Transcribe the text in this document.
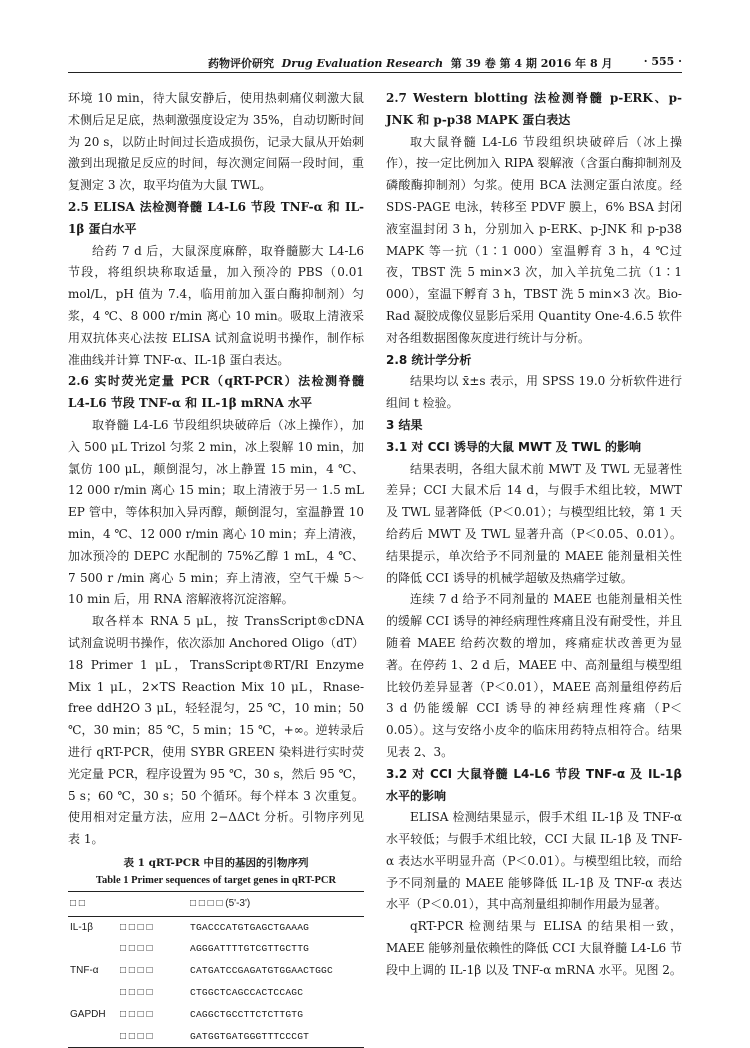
药物评价研究 Drug Evaluation Research 第 39 卷 第 4 期 2016 年 8 月	· 555 ·

环境 10 min，待大鼠安静后，使用热刺痛仪刺激大鼠术侧后足足底，热刺激强度设定为 35%，自动切断时间为 20 s，以防止时间过长造成损伤，记录大鼠从开始刺激到出现撤足反应的时间，每次测定间隔一段时间，重复测定 3 次，取平均值为大鼠 TWL。

2.5 ELISA 法检测脊髓 L4-L6 节段 TNF-α 和 IL-1β 蛋白水平

给药 7 d 后，大鼠深度麻醉，取脊髓膨大 L4-L6 节段，将组织块称取适量，加入预冷的 PBS（0.01 mol/L，pH 值为 7.4，临用前加入蛋白酶抑制剂）匀浆，4 ℃、8 000 r/min 离心 10 min。吸取上清液采用双抗体夹心法按 ELISA 试剂盒说明书操作，制作标准曲线并计算 TNF-α、IL-1β 蛋白表达。

2.6 实时荧光定量 PCR（qRT-PCR）法检测脊髓 L4-L6 节段 TNF-α 和 IL-1β mRNA 水平

取脊髓 L4-L6 节段组织块破碎后（冰上操作），加入 500 μL Trizol 匀浆 2 min，冰上裂解 10 min，加氯仿 100 μL，颠倒混匀，冰上静置 15 min，4 ℃、12 000 r/min 离心 15 min；取上清液于另一 1.5 mL EP 管中，等体积加入异丙醇，颠倒混匀，室温静置 10 min，4 ℃、12 000 r/min 离心 10 min；弃上清液，加冰预冷的 DEPC 水配制的 75%乙醇 1 mL，4 ℃、7 500 r /min 离心 5 min；弃上清液，空气干燥 5～10 min 后，用 RNA 溶解液将沉淀溶解。

取各样本 RNA 5 μL，按 TransScript®cDNA 试剂盒说明书操作，依次添加 Anchored Oligo（dT）18 Primer 1 μL，TransScript®RT/RI Enzyme Mix 1 μL，2×TS Reaction Mix 10 μL，Rnase-free ddH2O 3 μL，轻轻混匀，25 ℃，10 min；50 ℃，30 min；85 ℃，5 min；15 ℃，+∞。逆转录后进行 qRT-PCR，使用 SYBR GREEN 染料进行实时荧光定量 PCR，程序设置为 95 ℃，30 s，然后 95 ℃，5 s；60 ℃，30 s；50 个循环。每个样本 3 次重复。使用相对定量方法，应用 2−ΔΔCt 分析。引物序列见表 1。

表 1 qRT-PCR 中目的基因的引物序列
Table 1 Primer sequences of target genes in qRT-PCR
□ □		□ □ □ □ (5'-3')
IL-1β	□ □ □ □	TGACCCATGTGAGCTGAAAG
	□ □ □ □	AGGGATTTTGTCGTTGCTTG
TNF-α	□ □ □ □	CATGATCCGAGATGTGGAACTGGC
	□ □ □ □	CTGGCTCAGCCACTCCAGC
GAPDH	□ □ □ □	CAGGCTGCCTTCTCTTGTG
	□ □ □ □	GATGGTGATGGGTTTCCCGT

2.7 Western blotting 法检测脊髓 p-ERK、p-JNK 和 p-p38 MAPK 蛋白表达

取大鼠脊髓 L4-L6 节段组织块破碎后（冰上操作），按一定比例加入 RIPA 裂解液（含蛋白酶抑制剂及磷酸酶抑制剂）匀浆。使用 BCA 法测定蛋白浓度。经 SDS-PAGE 电泳，转移至 PDVF 膜上，6% BSA 封闭液室温封闭 3 h，分别加入 p-ERK、p-JNK 和 p-p38 MAPK 等一抗（1∶1 000）室温孵育 3 h，4 ℃过夜，TBST 洗 5 min×3 次，加入羊抗兔二抗（1∶1 000），室温下孵育 3 h，TBST 洗 5 min×3 次。Bio-Rad 凝胶成像仪显影后采用 Quantity One-4.6.5 软件对各组数据图像灰度进行统计与分析。

2.8 统计学分析

结果均以 x̄±s 表示，用 SPSS 19.0 分析软件进行组间 t 检验。

3 结果

3.1 对 CCI 诱导的大鼠 MWT 及 TWL 的影响

结果表明，各组大鼠术前 MWT 及 TWL 无显著性差异；CCI 大鼠术后 14 d，与假手术组比较，MWT 及 TWL 显著降低（P＜0.01）；与模型组比较，第 1 天给药后 MWT 及 TWL 显著升高（P＜0.05、0.01）。结果提示，单次给予不同剂量的 MAEE 能剂量相关性的降低 CCI 诱导的机械学超敏及热痛学过敏。

连续 7 d 给予不同剂量的 MAEE 也能剂量相关性的缓解 CCI 诱导的神经病理性疼痛且没有耐受性，并且随着 MAEE 给药次数的增加，疼痛症状改善更为显著。在停药 1、2 d 后，MAEE 中、高剂量组与模型组比较仍差异显著（P＜0.01），MAEE 高剂量组停药后 3 d 仍能缓解 CCI 诱导的神经病理性疼痛（P＜0.05）。这与安络小皮伞的临床用药特点相符合。结果见表 2、3。

3.2 对 CCI 大鼠脊髓 L4-L6 节段 TNF-α 及 IL-1β 水平的影响

ELISA 检测结果显示，假手术组 IL-1β 及 TNF-α 水平较低；与假手术组比较，CCI 大鼠 IL-1β 及 TNF-α 表达水平明显升高（P＜0.01）。与模型组比较，而给予不同剂量的 MAEE 能够降低 IL-1β 及 TNF-α 表达水平（P＜0.01），其中高剂量组抑制作用最为显著。

qRT-PCR 检测结果与 ELISA 的结果相一致，MAEE 能够剂量依赖性的降低 CCI 大鼠脊髓 L4-L6 节段中上调的 IL-1β 以及 TNF-α mRNA 水平。见图 2。
